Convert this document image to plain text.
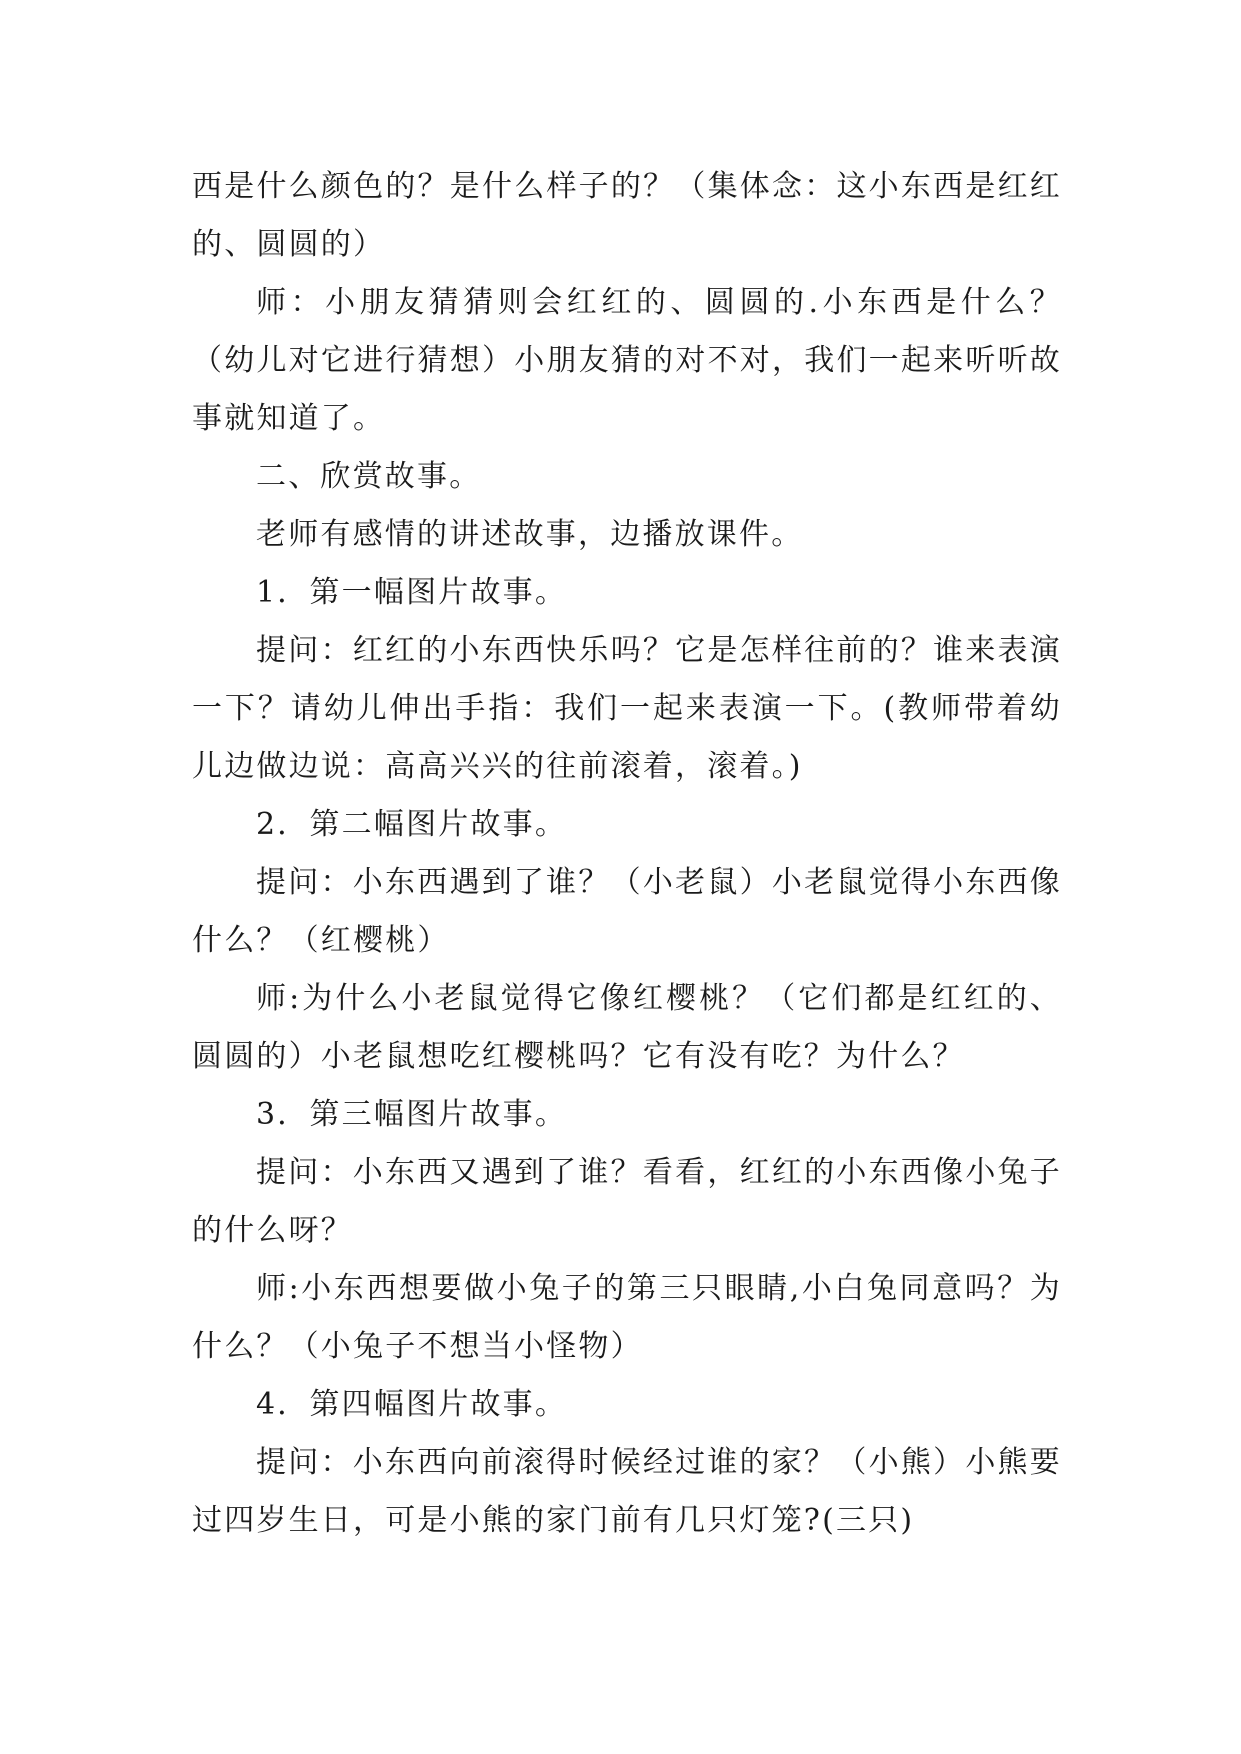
西是什么颜色的？是什么样子的？（集体念：这小东西是红红的、圆圆的）

师：小朋友猜猜则会红红的、圆圆的.小东西是什么？（幼儿对它进行猜想）小朋友猜的对不对，我们一起来听听故事就知道了。

二、欣赏故事。

老师有感情的讲述故事，边播放课件。

1．第一幅图片故事。

提问：红红的小东西快乐吗？它是怎样往前的？谁来表演一下？请幼儿伸出手指：我们一起来表演一下。(教师带着幼儿边做边说：高高兴兴的往前滚着，滚着。)

2．第二幅图片故事。

提问：小东西遇到了谁？（小老鼠）小老鼠觉得小东西像什么？（红樱桃）

师:为什么小老鼠觉得它像红樱桃？（它们都是红红的、圆圆的）小老鼠想吃红樱桃吗？它有没有吃？为什么？

3．第三幅图片故事。

提问：小东西又遇到了谁？看看，红红的小东西像小兔子的什么呀？

师:小东西想要做小兔子的第三只眼睛,小白兔同意吗？为什么？（小兔子不想当小怪物）

4．第四幅图片故事。

提问：小东西向前滚得时候经过谁的家？（小熊）小熊要过四岁生日，可是小熊的家门前有几只灯笼?(三只)
